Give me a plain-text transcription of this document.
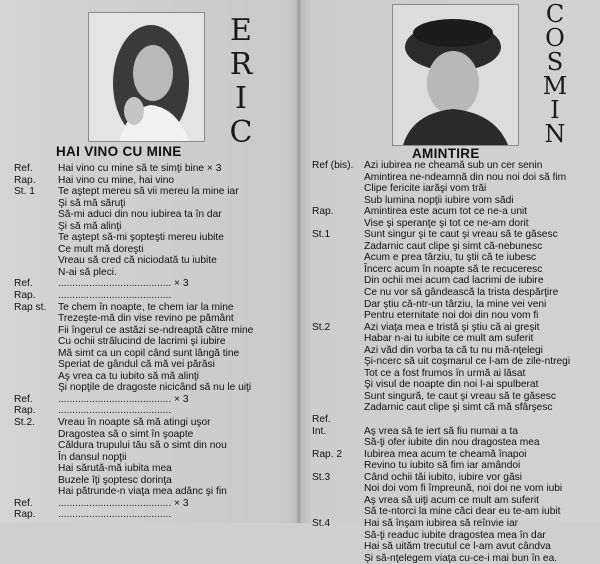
E
R
I
C
HAI VINO CU MINE
Ref.	Hai vino cu mine să te simţi bine × 3
Rap.	Hai vino cu mine, hai vino
St. 1	Te aştept mereu să vii mereu la mine iar
Şi să mă săruţi
Să-mi aduci din nou iubirea ta în dar
Şi să mă alinţi
Te aştept să-mi şopteşti mereu iubite
Ce mult mă doreşti
Vreau să cred că niciodată tu iubite
N-ai să pleci.
Ref.	........................................ × 3
Rap.	........................................
Rap st.	Te chem în noapte, te chem iar la mine
Trezeşte-mă din vise revino pe pământ
Fii îngerul ce astăzi se-ndreaptă către mine
Cu ochii strălucind de lacrimi şi iubire
Mă simt ca un copil când sunt lângă tine
Speriat de gândul că mă vei părăsi
Aş vrea ca tu iubito să mă alinţi
Şi nopţile de dragoste nicicând să nu le uiţi
Ref.	........................................ × 3
Rap.	........................................
St.2.	Vreau în noapte să mă atingi uşor
Dragostea să o simt în şoapte
Căldura trupului tău să o simt din nou
În dansul nopţii
Hai sărută-mă iubita mea
Buzele îţi şoptesc dorinţa
Hai pătrunde-n viaţa mea adânc şi fin
Ref.	........................................ × 3
Rap.	........................................
C
O
S
M
I
N
AMINTIRE
Ref (bis).	Azi iubirea ne cheamă sub un cer senin
Amintirea ne-ndeamnă din nou noi doi să fim
Clipe fericite iarăşi vom trăi
Sub lumina nopţii iubire vom sădi
Rap.	Amintirea este acum tot ce ne-a unit
Vise şi speranţe şi tot ce ne-am dorit
St.1	Sunt singur şi te caut şi vreau să te găsesc
Zadarnic caut clipe şi simt că-nebunesc
Acum e prea târziu, tu ştii că te iubesc
Încerc acum în noapte să te recuceresc
Din ochii mei acum cad lacrimi de iubire
Ce nu vor să gândească la trista despărţire
Dar ştiu că-ntr-un târziu, la mine vei veni
Pentru eternitate noi doi din nou vom fi
St.2	Azi viaţa mea e tristă şi ştiu că ai greşit
Habar n-ai tu iubite ce mult am suferit
Azi văd din vorba ta că tu nu mă-nţelegi
Şi-ncerc să uit coşmarul ce l-am de zile-ntregi
Tot ce a fost frumos în urmă ai lăsat
Şi visul de noapte din noi l-ai spulberat
Sunt singură, te caut şi vreau să te găsesc
Zadarnic caut clipe şi simt că mă sfârşesc
Ref.
Int.	Aş vrea să te iert să fiu numai a ta
Să-ţi ofer iubite din nou dragostea mea
Rap. 2	Iubirea mea acum te cheamă înapoi
Revino tu iubito să fim iar amândoi
St.3	Când ochii tăi iubito, iubire vor găsi
Noi doi vom fi împreună, noi doi ne vom iubi
Aş vrea să uiţi acum ce mult am suferit
Să te-ntorci la mine căci dear eu te-am iubit
St.4	Hai să înşam iubirea să reînvie iar
Să-ţi readuc iubite dragostea mea în dar
Hai să uităm trecutul ce l-am avut cândva
Şi să-nţelegem viaţa cu-ce-i mai bun în ea.
